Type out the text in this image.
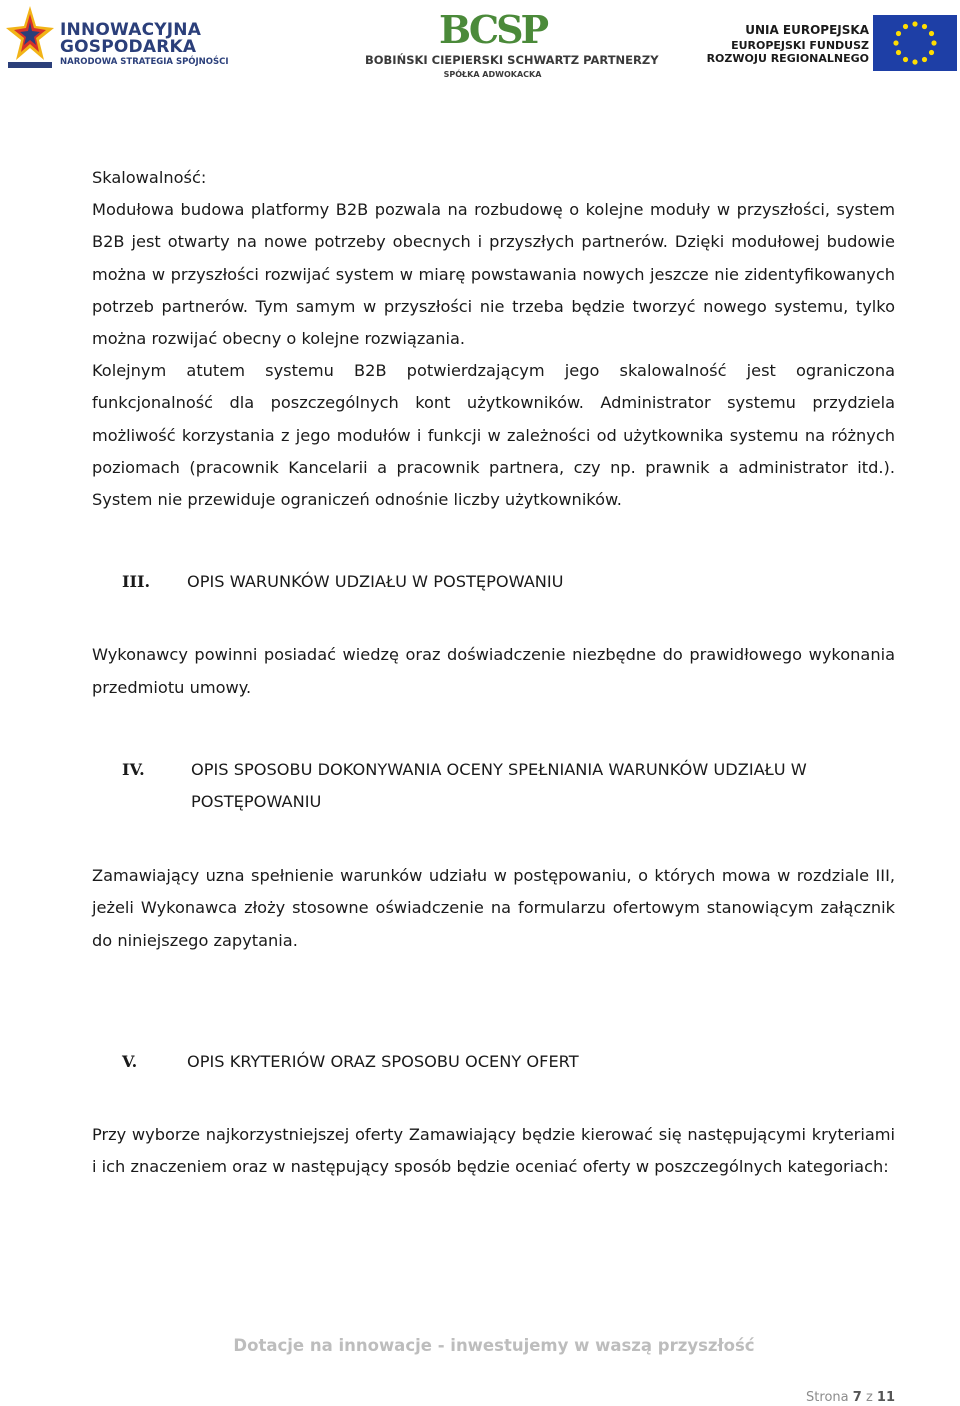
INNOWACYJNA
GOSPODARKA
NARODOWA STRATEGIA SPÓJNOŚCI
BCSP
BOBIŃSKI CIEPIERSKI SCHWARTZ PARTNERZY
SPÓŁKA ADWOKACKA
UNIA EUROPEJSKA
EUROPEJSKI FUNDUSZ
ROZWOJU REGIONALNEGO

Skalowalność:

Modułowa budowa platformy B2B pozwala na rozbudowę o kolejne moduły w przyszłości, system B2B jest otwarty na nowe potrzeby obecnych i przyszłych partnerów. Dzięki modułowej budowie można w przyszłości rozwijać system w miarę powstawania nowych jeszcze nie zidentyfikowanych potrzeb partnerów. Tym samym w przyszłości nie trzeba będzie tworzyć nowego systemu, tylko można rozwijać obecny o kolejne rozwiązania.

Kolejnym atutem systemu B2B potwierdzającym jego skalowalność jest ograniczona funkcjonalność dla poszczególnych kont użytkowników. Administrator systemu przydziela możliwość korzystania z jego modułów i funkcji w zależności od użytkownika systemu na różnych poziomach (pracownik Kancelarii a pracownik partnera, czy np. prawnik a administrator itd.). System nie przewiduje ograniczeń odnośnie liczby użytkowników.

III.	OPIS WARUNKÓW UDZIAŁU W POSTĘPOWANIU

Wykonawcy powinni posiadać wiedzę oraz doświadczenie niezbędne do prawidłowego wykonania przedmiotu umowy.

IV.	OPIS SPOSOBU DOKONYWANIA OCENY SPEŁNIANIA WARUNKÓW UDZIAŁU W POSTĘPOWANIU

Zamawiający uzna spełnienie warunków udziału w postępowaniu, o których mowa w rozdziale III, jeżeli Wykonawca złoży stosowne oświadczenie na formularzu ofertowym stanowiącym załącznik do niniejszego zapytania.

V.	OPIS KRYTERIÓW ORAZ SPOSOBU OCENY OFERT

Przy wyborze najkorzystniejszej oferty Zamawiający będzie kierować się następującymi kryteriami i ich znaczeniem oraz w następujący sposób będzie oceniać oferty w poszczególnych kategoriach:

Dotacje na innowacje - inwestujemy w waszą przyszłość
Strona 7 z 11
